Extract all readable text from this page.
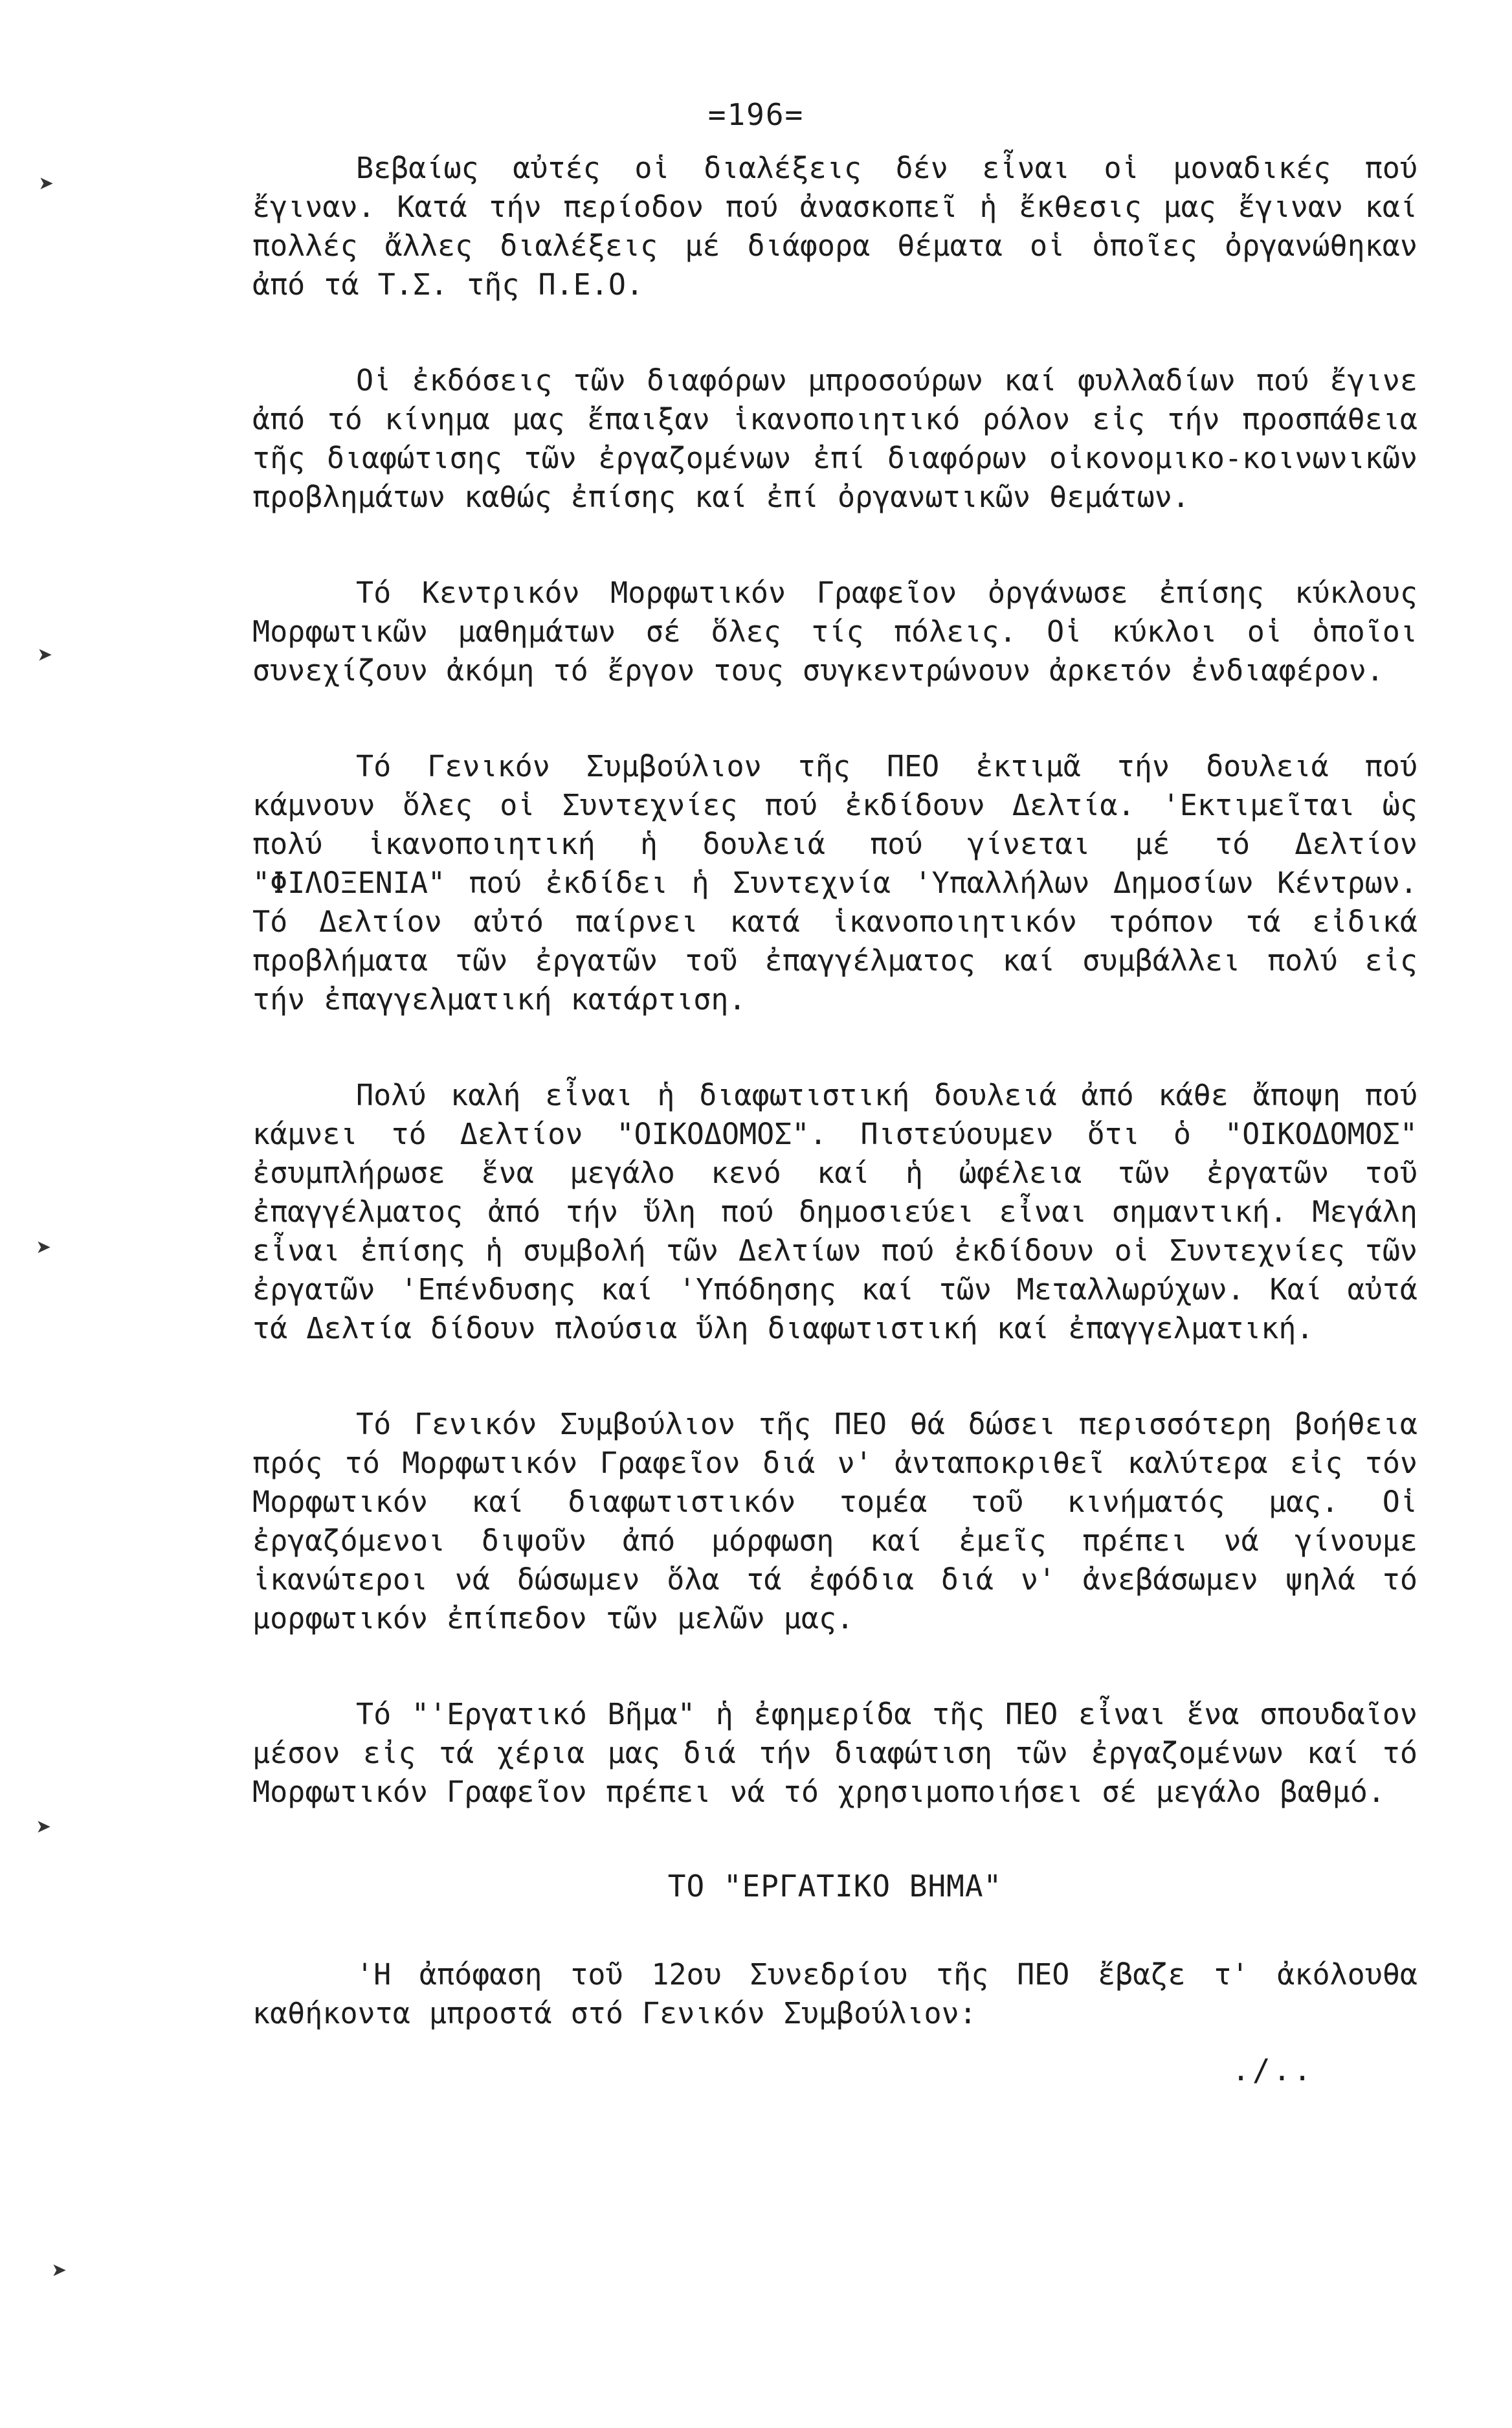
=196=
➤
➤
➤
➤
➤

Βεβαίως αὐτές οἱ διαλέξεις δέν εἶναι οἱ μοναδικές πού ἔγιναν. Κατά τήν περίοδον πού ἀνασκοπεῖ ἡ ἔκθεσις μας ἔγιναν καί πολλές ἄλλες διαλέξεις μέ διάφορα θέματα οἱ ὁποῖες ὀργανώθηκαν ἀπό τά Τ.Σ. τῆς Π.Ε.Ο.

Οἱ ἐκδόσεις τῶν διαφόρων μπροσούρων καί φυλλαδίων πού ἔγινε ἀπό τό κίνημα μας ἔπαιξαν ἱκανοποιητικό ρόλον εἰς τήν προσπάθεια τῆς διαφώτισης τῶν ἐργαζομένων ἐπί διαφόρων οἰκονομικο-κοινωνικῶν προβλημάτων καθώς ἐπίσης καί ἐπί ὀργανωτικῶν θεμάτων.

Τό Κεντρικόν Μορφωτικόν Γραφεῖον ὀργάνωσε ἐπίσης κύκλους Μορφωτικῶν μαθημάτων σέ ὅλες τίς πόλεις. Οἱ κύκλοι οἱ ὁποῖοι συνεχίζουν ἀκόμη τό ἔργον τους συγκεντρώνουν ἀρκετόν ἐνδιαφέρον.

Τό Γενικόν Συμβούλιον τῆς ΠΕΟ ἐκτιμᾶ τήν δουλειά πού κάμνουν ὅλες οἱ Συντεχνίες πού ἐκδίδουν Δελτία. 'Εκτιμεῖται ὡς πολύ ἱκανοποιητική ἡ δουλειά πού γίνεται μέ τό Δελτίον "ΦΙΛΟΞΕΝΙΑ" πού ἐκδίδει ἡ Συντεχνία 'Υπαλλήλων Δημοσίων Κέντρων. Τό Δελτίον αὐτό παίρνει κατά ἱκανοποιητικόν τρόπον τά εἰδικά προβλήματα τῶν ἐργατῶν τοῦ ἐπαγγέλματος καί συμβάλλει πολύ εἰς τήν ἐπαγγελματική κατάρτιση.

Πολύ καλή εἶναι ἡ διαφωτιστική δουλειά ἀπό κάθε ἄποψη πού κάμνει τό Δελτίον "ΟΙΚΟΔΟΜΟΣ". Πιστεύουμεν ὅτι ὁ "ΟΙΚΟΔΟΜΟΣ" ἐσυμπλήρωσε ἕνα μεγάλο κενό καί ἡ ὠφέλεια τῶν ἐργατῶν τοῦ ἐπαγγέλματος ἀπό τήν ὕλη πού δημοσιεύει εἶναι σημαντική. Μεγάλη εἶναι ἐπίσης ἡ συμβολή τῶν Δελτίων πού ἐκδίδουν οἱ Συντεχνίες τῶν ἐργατῶν 'Επένδυσης καί 'Υπόδησης καί τῶν Μεταλλωρύχων. Καί αὐτά τά Δελτία δίδουν πλούσια ὕλη διαφωτιστική καί ἐπαγγελματική.

Τό Γενικόν Συμβούλιον τῆς ΠΕΟ θά δώσει περισσότερη βοήθεια πρός τό Μορφωτικόν Γραφεῖον διά ν' ἀνταποκριθεῖ καλύτερα εἰς τόν Μορφωτικόν καί διαφωτιστικόν τομέα τοῦ κινήματός μας. Οἱ ἐργαζόμενοι διψοῦν ἀπό μόρφωση καί ἐμεῖς πρέπει νά γίνουμε ἱκανώτεροι νά δώσωμεν ὅλα τά ἐφόδια διά ν' ἀνεβάσωμεν ψηλά τό μορφωτικόν ἐπίπεδον τῶν μελῶν μας.

Τό "'Εργατικό Βῆμα" ἡ ἐφημερίδα τῆς ΠΕΟ εἶναι ἕνα σπουδαῖον μέσον εἰς τά χέρια μας διά τήν διαφώτιση τῶν ἐργαζομένων καί τό Μορφωτικόν Γραφεῖον πρέπει νά τό χρησιμοποιήσει σέ μεγάλο βαθμό.

ΤΟ "ΕΡΓΑΤΙΚΟ ΒΗΜΑ"

'Η ἀπόφαση τοῦ 12ου Συνεδρίου τῆς ΠΕΟ ἔβαζε τ' ἀκόλουθα καθήκοντα μπροστά στό Γενικόν Συμβούλιον:

./..
